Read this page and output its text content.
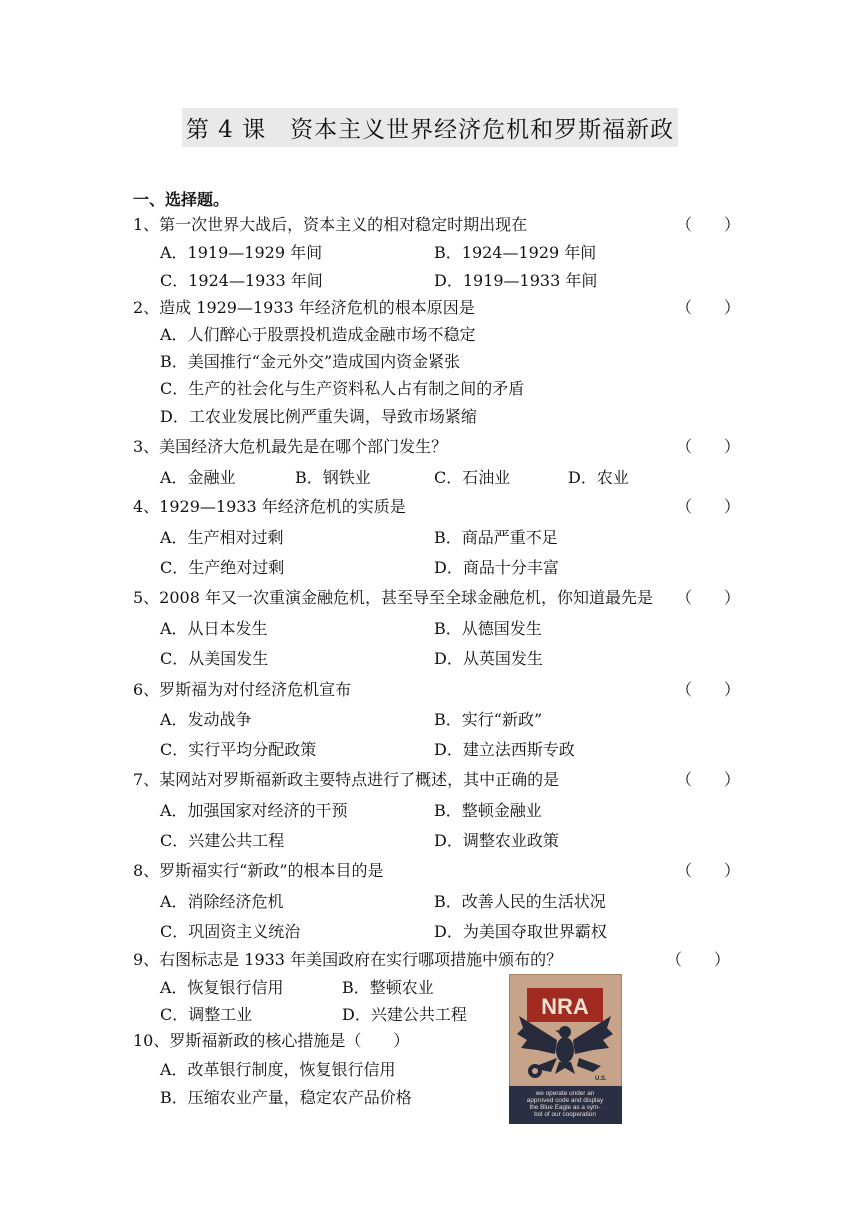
第 4 课　资本主义世界经济危机和罗斯福新政
一、选择题。
1、第一次世界大战后，资本主义的相对稳定时期出现在	（　　）
A．1919—1929 年间	B．1924—1929 年间
C．1924—1933 年间	D．1919—1933 年间
2、造成 1929—1933 年经济危机的根本原因是	（　　）
A．人们醉心于股票投机造成金融市场不稳定
B．美国推行“金元外交”造成国内资金紧张
C．生产的社会化与生产资料私人占有制之间的矛盾
D．工农业发展比例严重失调，导致市场紧缩
3、美国经济大危机最先是在哪个部门发生？	（　　）
A．金融业	B．钢铁业	C．石油业	D．农业
4、1929—1933 年经济危机的实质是	（　　）
A．生产相对过剩	B．商品严重不足
C．生产绝对过剩	D．商品十分丰富
5、2008 年又一次重演金融危机，甚至导至全球金融危机，你知道最先是 （　　）
A．从日本发生	B．从德国发生
C．从美国发生	D．从英国发生
6、罗斯福为对付经济危机宣布	（　　）
A．发动战争	B．实行“新政”
C．实行平均分配政策	D．建立法西斯专政
7、某网站对罗斯福新政主要特点进行了概述，其中正确的是	（　　）
A．加强国家对经济的干预	B．整顿金融业
C．兴建公共工程	D．调整农业政策
8、罗斯福实行“新政”的根本目的是	（　　）
A．消除经济危机	B．改善人民的生活状况
C．巩固资主义统治	D．为美国夺取世界霸权
9、右图标志是 1933 年美国政府在实行哪项措施中颁布的？	（　　）
A．恢复银行信用	B．整顿农业
C．调整工业	D．兴建公共工程
10、罗斯福新政的核心措施是（　　）
A．改革银行制度，恢复银行信用
B．压缩农业产量，稳定农产品价格
NRA
U.S.
we operate under an
approved code and display
the Blue Eagle as a sym-
bol of our cooperation
